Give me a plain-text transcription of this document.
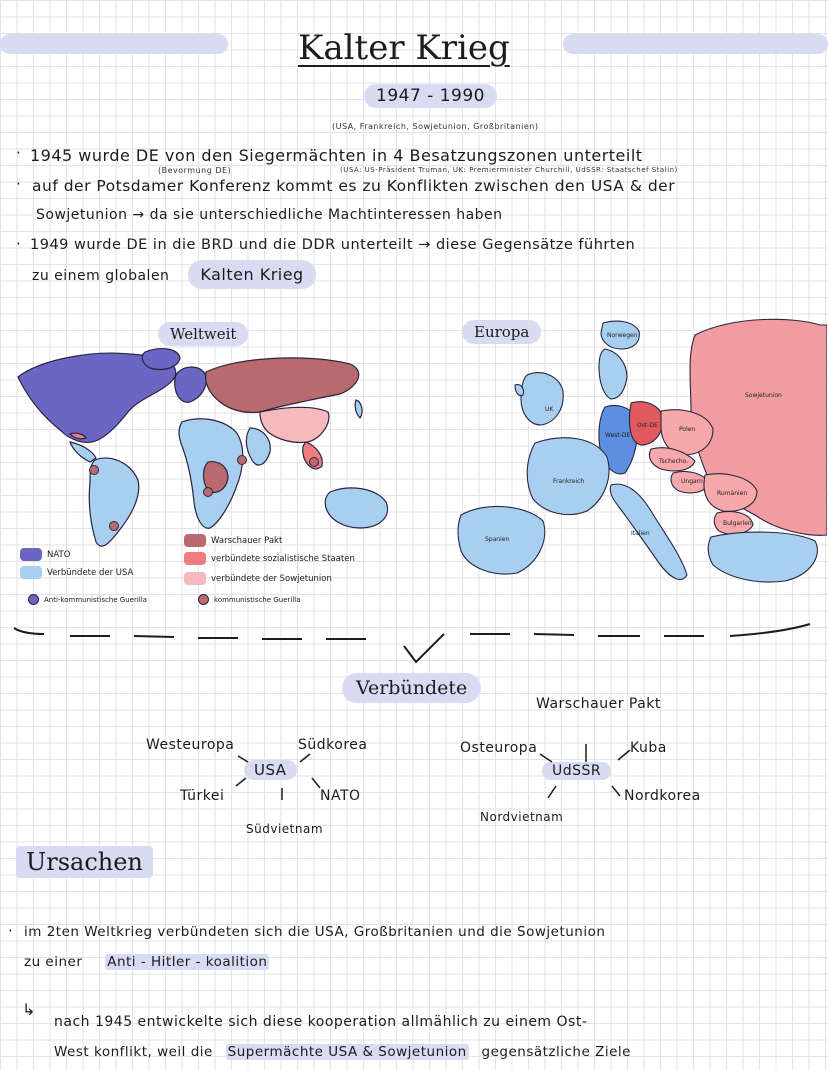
Kalter Krieg
1947 - 1990
(USA, Frankreich, Sowjetunion, Großbritanien)
· 1945 wurde DE von den Siegermächten in 4 Besatzungszonen unterteilt
(Bevormung DE)	(USA: US-Präsident Truman, UK: Premierminister Churchill, UdSSR: Staatschef Stalin)
· auf der Potsdamer Konferenz kommt es zu Konflikten zwischen den USA & der
Sowjetunion → da sie unterschiedliche Machtinteressen haben
· 1949 wurde DE in die BRD und die DDR unterteilt → diese Gegensätze führten
zu einem globalen Kalten Krieg
Weltweit	Europa
UK
Frankreich
Spanien
Italien
West-DE
Ost-DE
Polen
Tschecho.
Ungarn
Rumänien
Bulgarien
Sowjetunion
Norwegen
NATO
Verbündete der USA
Anti-kommunistische Guerilla
Warschauer Pakt
verbündete sozialistische Staaten
verbündete der Sowjetunion
kommunistische Guerilla
Verbündete
Westeuropa	Südkorea
USA
Türkei	NATO
Südvietnam
Warschauer Pakt
Osteuropa	Kuba
UdSSR
Nordkorea
Nordvietnam
Ursachen
· im 2ten Weltkrieg verbündeten sich die USA, Großbritanien und die Sowjetunion
zu einer Anti - Hitler - koalition
↳
nach 1945 entwickelte sich diese kooperation allmählich zu einem Ost-
West konflikt, weil die Supermächte USA & Sowjetunion gegensätzliche Ziele
